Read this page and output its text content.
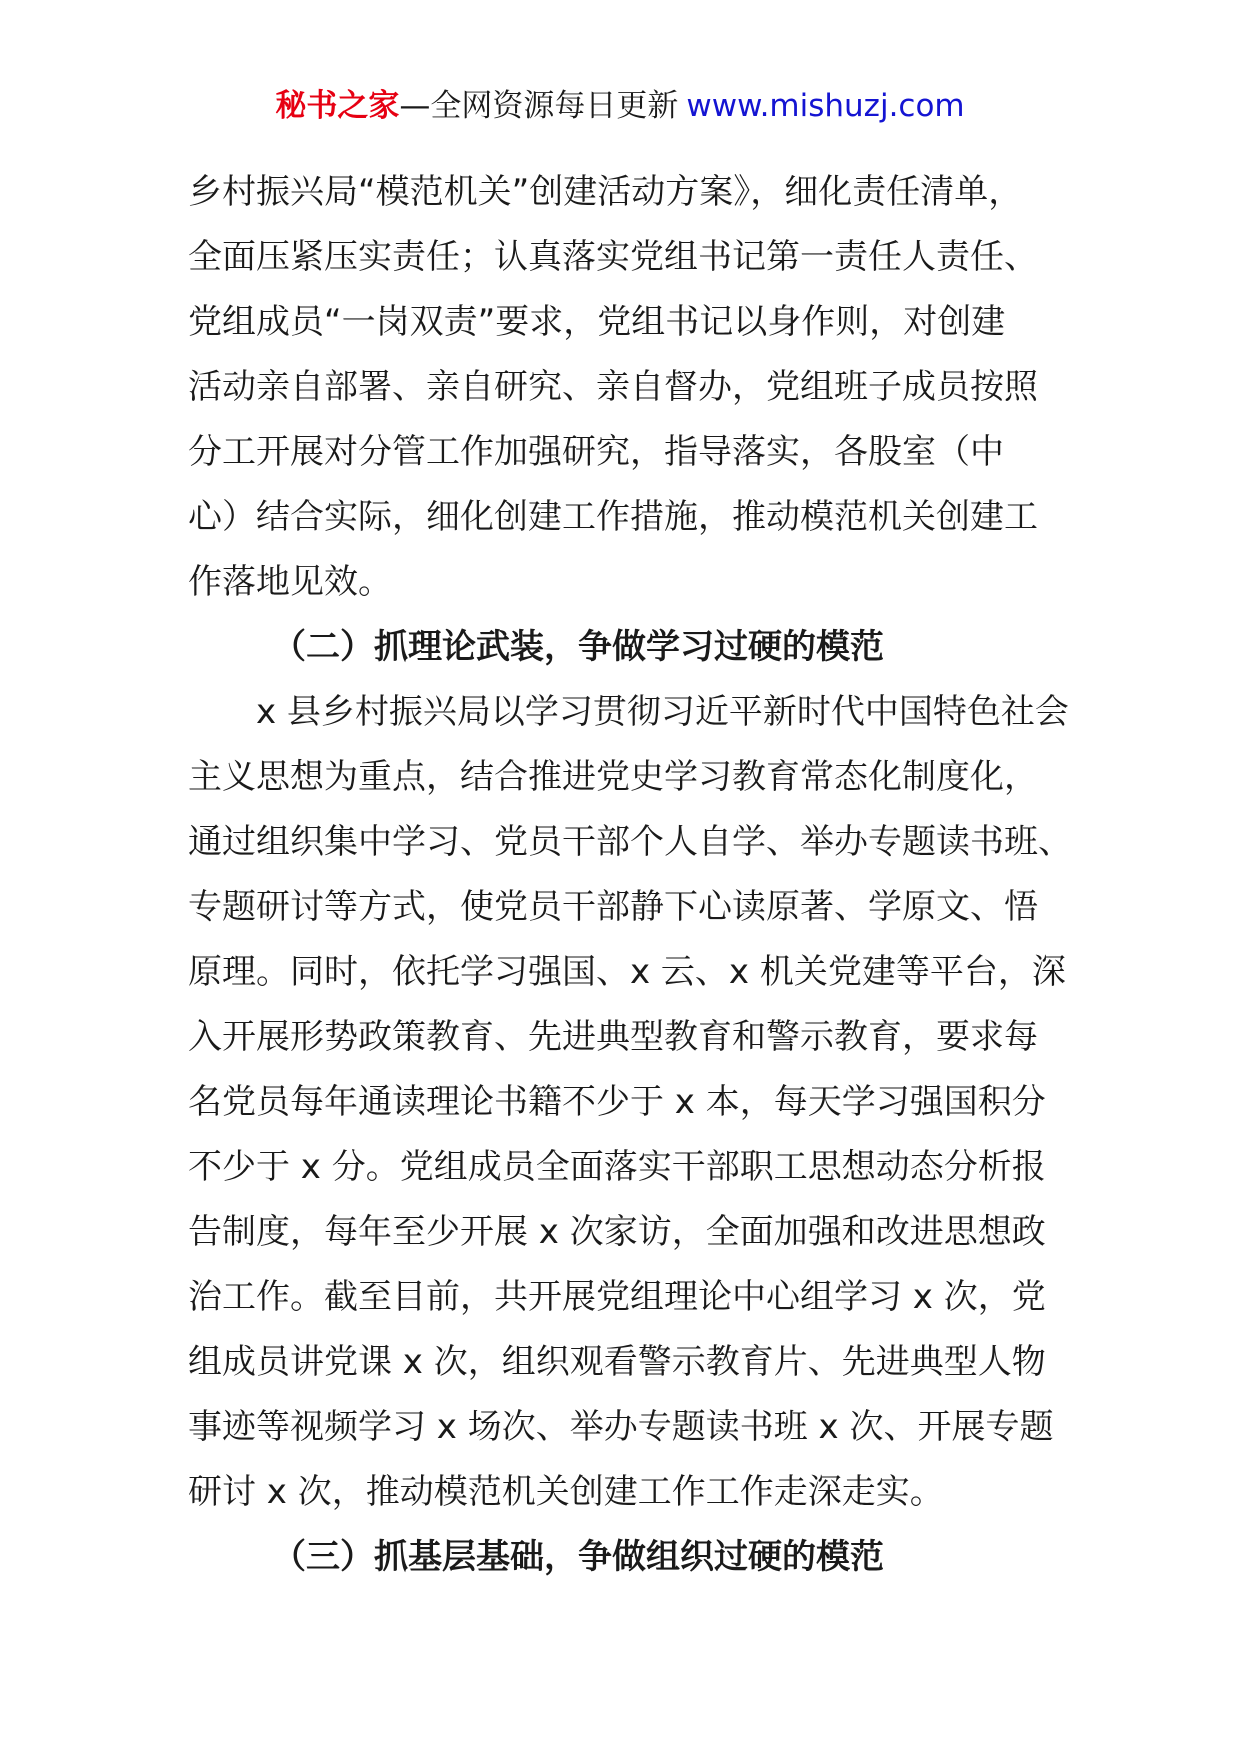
秘书之家—全网资源每日更新 www.mishuzj.com
乡村振兴局“模范机关”创建活动方案》，细化责任清单，
全面压紧压实责任；认真落实党组书记第一责任人责任、
党组成员“一岗双责”要求，党组书记以身作则，对创建
活动亲自部署、亲自研究、亲自督办，党组班子成员按照
分工开展对分管工作加强研究，指导落实，各股室（中
心）结合实际，细化创建工作措施，推动模范机关创建工
作落地见效。
（二）抓理论武装，争做学习过硬的模范
x 县乡村振兴局以学习贯彻习近平新时代中国特色社会
主义思想为重点，结合推进党史学习教育常态化制度化，
通过组织集中学习、党员干部个人自学、举办专题读书班、
专题研讨等方式，使党员干部静下心读原著、学原文、悟
原理。同时，依托学习强国、x 云、x 机关党建等平台，深
入开展形势政策教育、先进典型教育和警示教育，要求每
名党员每年通读理论书籍不少于 x 本，每天学习强国积分
不少于 x 分。党组成员全面落实干部职工思想动态分析报
告制度，每年至少开展 x 次家访，全面加强和改进思想政
治工作。截至目前，共开展党组理论中心组学习 x 次，党
组成员讲党课 x 次，组织观看警示教育片、先进典型人物
事迹等视频学习 x 场次、举办专题读书班 x 次、开展专题
研讨 x 次，推动模范机关创建工作工作走深走实。
（三）抓基层基础，争做组织过硬的模范
